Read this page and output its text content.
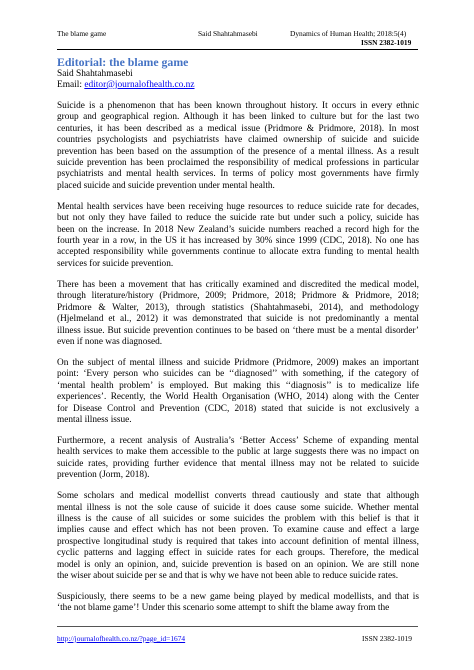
The blame game	Said Shahtahmasebi	Dynamics of Human Health; 2018:5(4)
ISSN 2382-1019
Editorial: the blame game
Said Shahtahmasebi
Email: editor@journalofhealth.co.nz
Suicide is a phenomenon that has been known throughout history. It occurs in every ethnic
group and geographical region. Although it has been linked to culture but for the last two
centuries, it has been described as a medical issue (Pridmore & Pridmore, 2018). In most
countries psychologists and psychiatrists have claimed ownership of suicide and suicide
prevention has been based on the assumption of the presence of a mental illness. As a result
suicide prevention has been proclaimed the responsibility of medical professions in particular
psychiatrists and mental health services. In terms of policy most governments have firmly
placed suicide and suicide prevention under mental health.
Mental health services have been receiving huge resources to reduce suicide rate for decades,
but not only they have failed to reduce the suicide rate but under such a policy, suicide has
been on the increase. In 2018 New Zealand’s suicide numbers reached a record high for the
fourth year in a row, in the US it has increased by 30% since 1999 (CDC, 2018). No one has
accepted responsibility while governments continue to allocate extra funding to mental health
services for suicide prevention.
There has been a movement that has critically examined and discredited the medical model,
through literature/history (Pridmore, 2009; Pridmore, 2018; Pridmore & Pridmore, 2018;
Pridmore & Walter, 2013), through statistics (Shahtahmasebi, 2014), and methodology
(Hjelmeland et al., 2012) it was demonstrated that suicide is not predominantly a mental
illness issue. But suicide prevention continues to be based on ‘there must be a mental disorder’
even if none was diagnosed.
On the subject of mental illness and suicide Pridmore (Pridmore, 2009) makes an important
point: ‘Every person who suicides can be ‘‘diagnosed’’ with something, if the category of
‘mental health problem’ is employed. But making this ‘‘diagnosis’’ is to medicalize life
experiences’. Recently, the World Health Organisation (WHO, 2014) along with the Center
for Disease Control and Prevention (CDC, 2018) stated that suicide is not exclusively a
mental illness issue.
Furthermore, a recent analysis of Australia’s ‘Better Access’ Scheme of expanding mental
health services to make them accessible to the public at large suggests there was no impact on
suicide rates, providing further evidence that mental illness may not be related to suicide
prevention (Jorm, 2018).
Some scholars and medical modellist converts thread cautiously and state that although
mental illness is not the sole cause of suicide it does cause some suicide. Whether mental
illness is the cause of all suicides or some suicides the problem with this belief is that it
implies cause and effect which has not been proven. To examine cause and effect a large
prospective longitudinal study is required that takes into account definition of mental illness,
cyclic patterns and lagging effect in suicide rates for each groups. Therefore, the medical
model is only an opinion, and, suicide prevention is based on an opinion. We are still none
the wiser about suicide per se and that is why we have not been able to reduce suicide rates.
Suspiciously, there seems to be a new game being played by medical modellists, and that is
‘the not blame game’! Under this scenario some attempt to shift the blame away from the
http://journalofhealth.co.nz/?page_id=1674	ISSN 2382-1019
